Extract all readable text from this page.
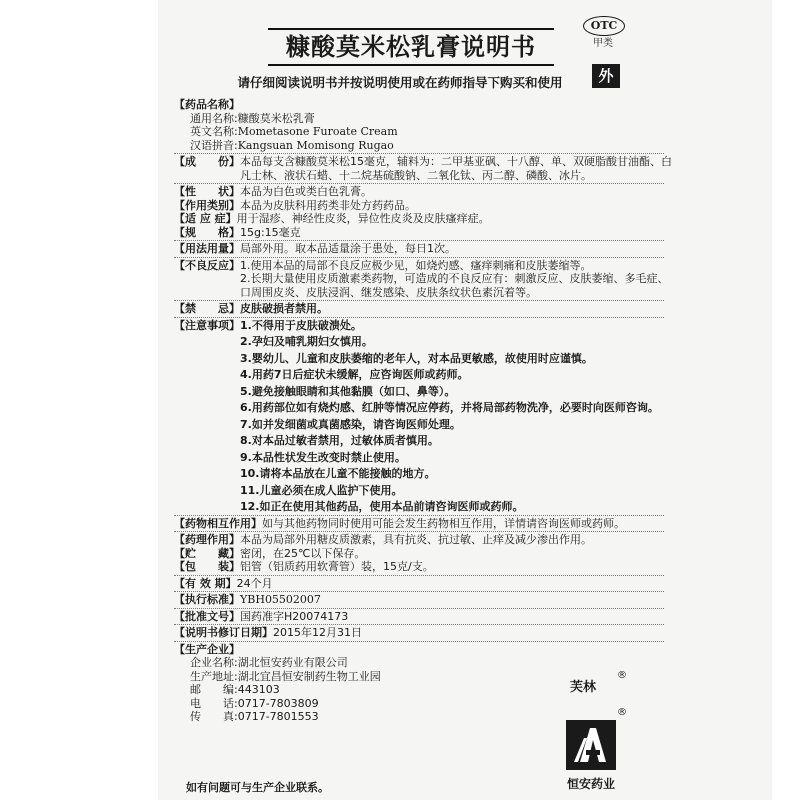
糠酸莫米松乳膏说明书
请仔细阅读说明书并按说明使用或在药师指导下购买和使用
OTC
甲类
外
【药品名称】
通用名称: 糠酸莫米松乳膏
英文名称: Mometasone Furoate Cream
汉语拼音: Kangsuan Momisong Rugao
【成　　份】 本品每支含糠酸莫米松15毫克，辅料为：二甲基亚砜、十八醇、单、双硬脂酸甘油酯、白凡士林、液状石蜡、十二烷基硫酸钠、二氧化钛、丙二醇、磷酸、冰片。
【性　　状】 本品为白色或类白色乳膏。
【作用类别】 本品为皮肤科用药类非处方药药品。
【适 应 症】 用于湿疹、神经性皮炎，异位性皮炎及皮肤瘙痒症。
【规　　格】 15g:15毫克
【用法用量】 局部外用。取本品适量涂于患处，每日1次。
【不良反应】 1.使用本品的局部不良反应极少见，如烧灼感、瘙痒刺痛和皮肤萎缩等。
2.长期大量使用皮质激素类药物，可造成的不良反应有：刺激反应、皮肤萎缩、多毛症、口周围皮炎、皮肤浸润、继发感染、皮肤条纹状色素沉着等。
【禁　　忌】 皮肤破损者禁用。
【注意事项】 1.不得用于皮肤破溃处。
2.孕妇及哺乳期妇女慎用。
3.婴幼儿、儿童和皮肤萎缩的老年人，对本品更敏感，故使用时应谨慎。
4.用药7日后症状未缓解，应咨询医师或药师。
5.避免接触眼睛和其他黏膜（如口、鼻等）。
6.用药部位如有烧灼感、红肿等情况应停药，并将局部药物洗净，必要时向医师咨询。
7.如并发细菌或真菌感染，请咨询医师处理。
8.对本品过敏者禁用，过敏体质者慎用。
9.本品性状发生改变时禁止使用。
10.请将本品放在儿童不能接触的地方。
11.儿童必须在成人监护下使用。
12.如正在使用其他药品，使用本品前请咨询医师或药师。
【药物相互作用】 如与其他药物同时使用可能会发生药物相互作用，详情请咨询医师或药师。
【药理作用】 本品为局部外用糖皮质激素，具有抗炎、抗过敏、止痒及减少渗出作用。
【贮　　藏】 密闭，在25℃以下保存。
【包　　装】 铝管（铝质药用软膏管）装，15克/支。
【有 效 期】 24个月
【执行标准】 YBH05502007
【批准文号】 国药准字H20074173
【说明书修订日期】 2015年12月31日
【生产企业】
企业名称: 湖北恒安药业有限公司
生产地址: 湖北宜昌恒安制药生物工业园
邮　　编: 443103
电　　话: 0717-7803809
传　　真: 0717-7801553
如有问题可与生产企业联系。
芙林
®
®
恒安药业
